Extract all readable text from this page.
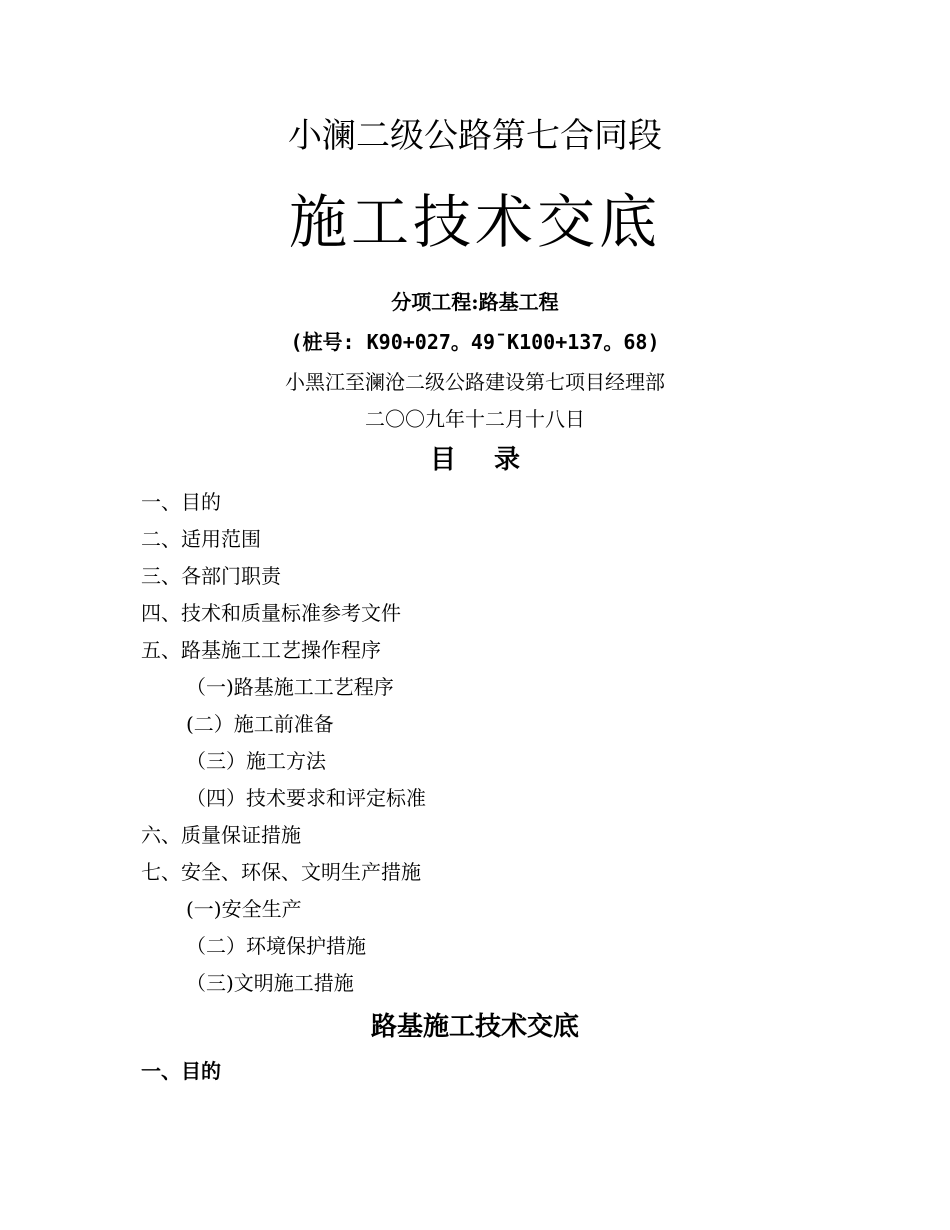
小澜二级公路第七合同段
施工技术交底
分项工程:路基工程
(桩号: K90+027。49¯K100+137。68)
小黑江至澜沧二级公路建设第七项目经理部
二〇〇九年十二月十八日
目录
一、目的
二、适用范围
三、各部门职责
四、技术和质量标准参考文件
五、路基施工工艺操作程序
（一)路基施工工艺程序
(二）施工前准备
（三）施工方法
（四）技术要求和评定标准
六、质量保证措施
七、安全、环保、文明生产措施
(一)安全生产
（二）环境保护措施
（三)文明施工措施
路基施工技术交底
一、目的
